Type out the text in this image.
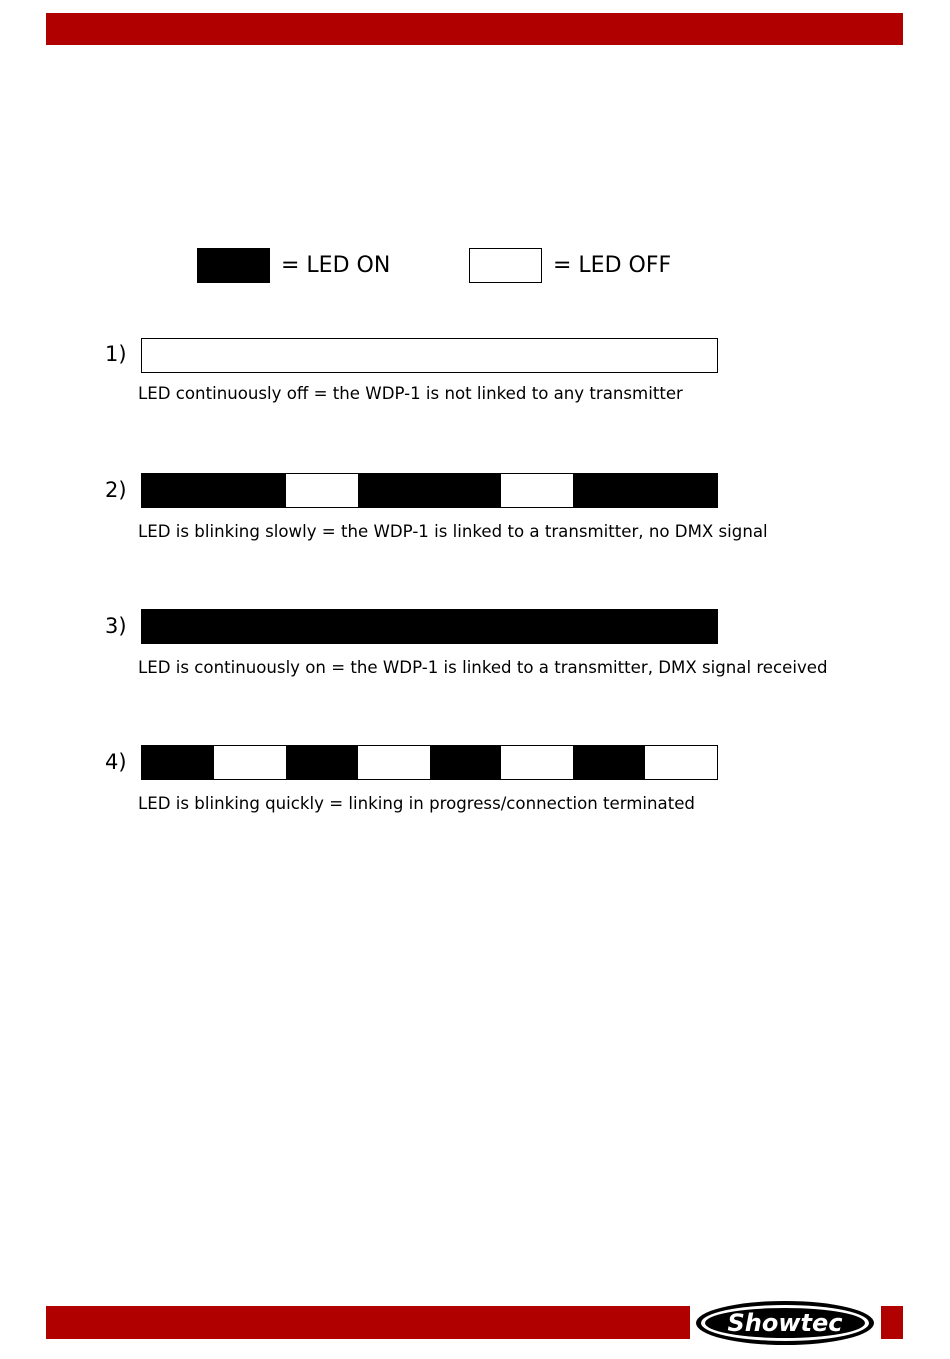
= LED ON	= LED OFF
1)
LED continuously off = the WDP-1 is not linked to any transmitter
2)
LED is blinking slowly = the WDP-1 is linked to a transmitter, no DMX signal
3)
LED is continuously on = the WDP-1 is linked to a transmitter, DMX signal received
4)
LED is blinking quickly = linking in progress/connection terminated
Showtec
